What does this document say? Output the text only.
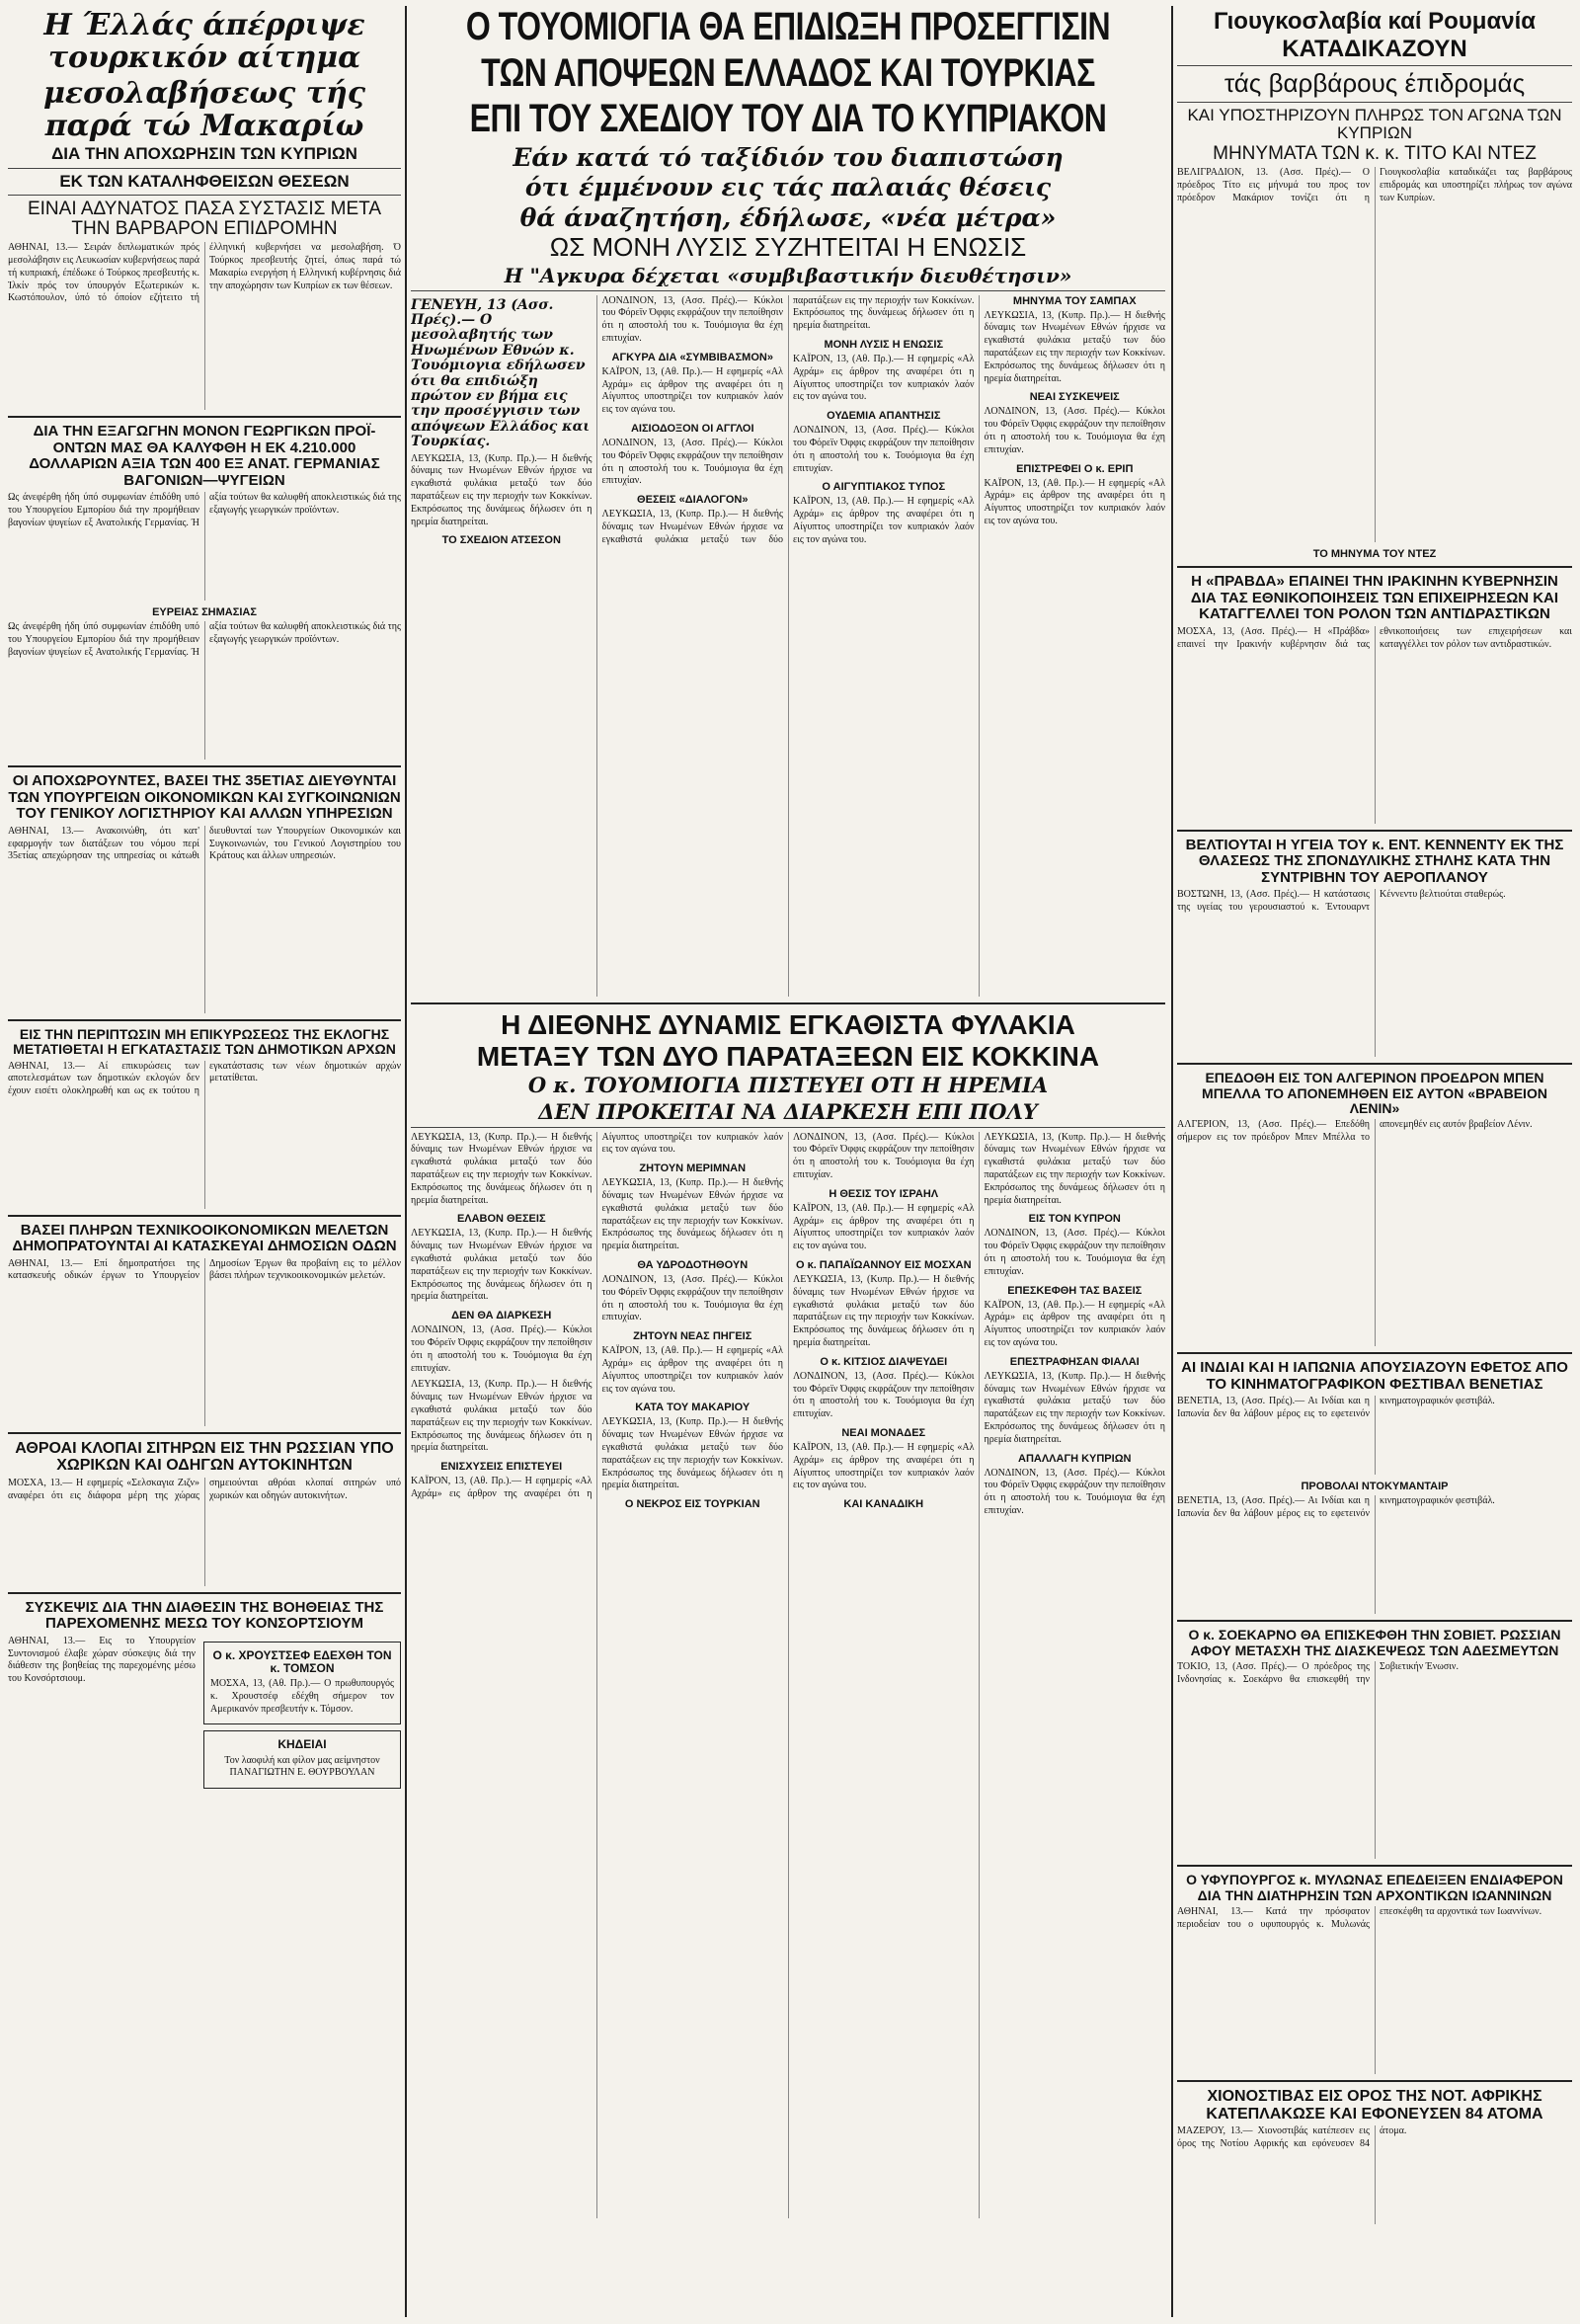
Η Έλλάς άπέρριψε τουρκικόν αίτημα
μεσολαβήσεως τής παρά τώ Μακαρίω
ΔΙΑ ΤΗΝ ΑΠΟΧΩΡΗΣΙΝ ΤΩΝ ΚΥΠΡΙΩΝ
ΕΚ ΤΩΝ ΚΑΤΑΛΗΦΘΕΙΣΩΝ ΘΕΣΕΩΝ
ΕΙΝΑΙ ΑΔΥΝΑΤΟΣ ΠΑΣΑ ΣΥΣΤΑΣΙΣ ΜΕΤΑ ΤΗΝ ΒΑΡΒΑΡΟΝ ΕΠΙΔΡΟΜΗΝ
ΑΘΗΝΑΙ, 13.— Σειράν διπλωματικών πρός μεσολάβησιν εις Λευκωσίαν κυβερνήσεως παρά τή κυπριακή, έπέδωκε ό Τούρκος πρεσβευτής κ. Ίλκίν πρός τον ύπουργόν Εξωτερικών κ. Κωστόπουλον, ύπό τό όποίον εζήτειτο τή έλληνική κυβερνήσει να μεσολαβήση. Ό Τούρκος πρεσβευτής ζητεί, όπως παρά τώ Μακαρίω ενεργήση ή Ελληνική κυβέρνησις διά την αποχώρησιν των Κυπρίων εκ των θέσεων.
ΔΙΑ ΤΗΝ ΕΞΑΓΩΓΗΝ ΜΟΝΟΝ ΓΕΩΡΓΙΚΩΝ ΠΡΟΪ-ΟΝΤΩΝ ΜΑΣ ΘΑ ΚΑΛΥΦΘΗ Η ΕΚ 4.210.000 ΔΟΛΛΑΡΙΩΝ ΑΞΙΑ ΤΩΝ 400 ΕΞ ΑΝΑΤ. ΓΕΡΜΑΝΙΑΣ ΒΑΓΟΝΙΩΝ—ΨΥΓΕΙΩΝ
Ως άνεφέρθη ήδη ύπό συμφωνίαν έπιδόθη υπό του Υπουργείου Εμπορίου διά την προμήθειαν βαγονίων ψυγείων εξ Ανατολικής Γερμανίας. Ή αξία τούτων θα καλυφθή αποκλειστικώς διά της εξαγωγής γεωργικών προϊόντων.
ΕΥΡΕΙΑΣ ΣΗΜΑΣΙΑΣ
Ως άνεφέρθη ήδη ύπό συμφωνίαν έπιδόθη υπό του Υπουργείου Εμπορίου διά την προμήθειαν βαγονίων ψυγείων εξ Ανατολικής Γερμανίας. Ή αξία τούτων θα καλυφθή αποκλειστικώς διά της εξαγωγής γεωργικών προϊόντων.
ΟΙ ΑΠΟΧΩΡΟΥΝΤΕΣ, ΒΑΣΕΙ ΤΗΣ 35ΕΤΙΑΣ ΔΙΕΥΘΥΝΤΑΙ ΤΩΝ ΥΠΟΥΡΓΕΙΩΝ ΟΙΚΟΝΟΜΙΚΩΝ ΚΑΙ ΣΥΓΚΟΙΝΩΝΙΩΝ ΤΟΥ ΓΕΝΙΚΟΥ ΛΟΓΙΣΤΗΡΙΟΥ ΚΑΙ ΑΛΛΩΝ ΥΠΗΡΕΣΙΩΝ
ΑΘΗΝΑΙ, 13.— Ανακοινώθη, ότι κατ' εφαρμογήν των διατάξεων του νόμου περί 35ετίας απεχώρησαν της υπηρεσίας οι κάτωθι διευθυνταί των Υπουργείων Οικονομικών και Συγκοινωνιών, του Γενικού Λογιστηρίου του Κράτους και άλλων υπηρεσιών.
ΕΙΣ ΤΗΝ ΠΕΡΙΠΤΩΣΙΝ ΜΗ ΕΠΙΚΥΡΩΣΕΩΣ ΤΗΣ ΕΚΛΟΓΗΣ ΜΕΤΑΤΙΘΕΤΑΙ Η ΕΓΚΑΤΑΣΤΑΣΙΣ ΤΩΝ ΔΗΜΟΤΙΚΩΝ ΑΡΧΩΝ
ΑΘΗΝΑΙ, 13.— Αί επικυρώσεις των αποτελεσμάτων των δημοτικών εκλογών δεν έχουν εισέτι ολοκληρωθή και ως εκ τούτου η εγκατάστασις των νέων δημοτικών αρχών μετατίθεται.
ΒΑΣΕΙ ΠΛΗΡΩΝ ΤΕΧΝΙΚΟΟΙΚΟΝΟΜΙΚΩΝ ΜΕΛΕΤΩΝ ΔΗΜΟΠΡΑΤΟΥΝΤΑΙ ΑΙ ΚΑΤΑΣΚΕΥΑΙ ΔΗΜΟΣΙΩΝ ΟΔΩΝ
ΑΘΗΝΑΙ, 13.— Επί δημοπρατήσει της κατασκευής οδικών έργων το Υπουργείον Δημοσίων Έργων θα προβαίνη εις το μέλλον βάσει πλήρων τεχνικοοικονομικών μελετών.
ΑΘΡΟΑΙ ΚΛΟΠΑΙ ΣΙΤΗΡΩΝ ΕΙΣ ΤΗΝ ΡΩΣΣΙΑΝ ΥΠΟ ΧΩΡΙΚΩΝ ΚΑΙ ΟΔΗΓΩΝ ΑΥΤΟΚΙΝΗΤΩΝ
ΜΟΣΧΑ, 13.— Η εφημερίς «Σελσκαγια Ζιζν» αναφέρει ότι εις διάφορα μέρη της χώρας σημειούνται αθρόαι κλοπαί σιτηρών υπό χωρικών και οδηγών αυτοκινήτων.
ΣΥΣΚΕΨΙΣ ΔΙΑ ΤΗΝ ΔΙΑΘΕΣΙΝ ΤΗΣ ΒΟΗΘΕΙΑΣ ΤΗΣ ΠΑΡΕΧΟΜΕΝΗΣ ΜΕΣΩ ΤΟΥ ΚΟΝΣΟΡΤΣΙΟΥΜ
ΑΘΗΝΑΙ, 13.— Εις το Υπουργείον Συντονισμού έλαβε χώραν σύσκεψις διά την διάθεσιν της βοηθείας της παρεχομένης μέσω του Κονσόρτσιουμ.
Ο κ. ΧΡΟΥΣΤΣΕΦ ΕΔΕΧΘΗ ΤΟΝ κ. ΤΟΜΣΟΝ
ΜΟΣΧΑ, 13, (Αθ. Πρ.).— Ο πρωθυπουργός κ. Χρουστσέφ εδέχθη σήμερον τον Αμερικανόν πρεσβευτήν κ. Τόμσον.
ΚΗΔΕΙΑΙ
Τον λαοφιλή και φίλον μας αείμνηστον ΠΑΝΑΓΙΩΤΗΝ Ε. ΘΟΥΡΒΟΥΛΑΝ
Ο ΤΟΥΟΜΙΟΓΙΑ ΘΑ ΕΠΙΔΙΩΞΗ ΠΡΟΣΕΓΓΙΣΙΝ
ΤΩΝ ΑΠΟΨΕΩΝ ΕΛΛΑΔΟΣ ΚΑΙ ΤΟΥΡΚΙΑΣ
ΕΠΙ ΤΟΥ ΣΧΕΔΙΟΥ ΤΟΥ ΔΙΑ ΤΟ ΚΥΠΡΙΑΚΟΝ
Εάν κατά τό ταξίδιόν του διαπιστώση
ότι έμμένουν εις τάς παλαιάς θέσεις
θά άναζητήση, έδήλωσε, «νέα μέτρα»
ΩΣ ΜΟΝΗ ΛΥΣΙΣ ΣΥΖΗΤΕΙΤΑΙ Η ΕΝΩΣΙΣ
Η "Αγκυρα δέχεται «συμβιβαστικήν διευθέτησιν»
ΓΕΝΕΥΗ, 13 (Ασσ. Πρές).— Ο μεσολαβητής των Ηνωμένων Εθνών κ. Τουόμιογια εδήλωσεν ότι θα επιδιώξη πρώτον εν βήμα εις την προσέγγισιν των απόψεων Ελλάδος και Τουρκίας.
ΛΕΥΚΩΣΙΑ, 13, (Κυπρ. Πρ.).— Η διεθνής δύναμις των Ηνωμένων Εθνών ήρχισε να εγκαθιστά φυλάκια μεταξύ των δύο παρατάξεων εις την περιοχήν των Κοκκίνων. Εκπρόσωπος της δυνάμεως δήλωσεν ότι η ηρεμία διατηρείται.
ΤΟ ΣΧΕΔΙΟΝ ΑΤΣΕΣΟΝ
ΛΟΝΔΙΝΟΝ, 13, (Ασσ. Πρές).— Κύκλοι του Φόρεϊν Όφφις εκφράζουν την πεποίθησιν ότι η αποστολή του κ. Τουόμιογια θα έχη επιτυχίαν.
ΑΓΚΥΡΑ ΔΙΑ «ΣΥΜΒΙΒΑΣΜΟΝ»
ΚΑΪΡΟΝ, 13, (Αθ. Πρ.).— Η εφημερίς «Αλ Αχράμ» εις άρθρον της αναφέρει ότι η Αίγυπτος υποστηρίζει τον κυπριακόν λαόν εις τον αγώνα του.
ΑΙΣΙΟΔΟΞΟΝ ΟΙ ΑΓΓΛΟΙ
ΛΟΝΔΙΝΟΝ, 13, (Ασσ. Πρές).— Κύκλοι του Φόρεϊν Όφφις εκφράζουν την πεποίθησιν ότι η αποστολή του κ. Τουόμιογια θα έχη επιτυχίαν.
ΘΕΣΕΙΣ «ΔΙΑΛΟΓΟΝ»
ΛΕΥΚΩΣΙΑ, 13, (Κυπρ. Πρ.).— Η διεθνής δύναμις των Ηνωμένων Εθνών ήρχισε να εγκαθιστά φυλάκια μεταξύ των δύο παρατάξεων εις την περιοχήν των Κοκκίνων. Εκπρόσωπος της δυνάμεως δήλωσεν ότι η ηρεμία διατηρείται.
ΜΟΝΗ ΛΥΣΙΣ Η ΕΝΩΣΙΣ
ΚΑΪΡΟΝ, 13, (Αθ. Πρ.).— Η εφημερίς «Αλ Αχράμ» εις άρθρον της αναφέρει ότι η Αίγυπτος υποστηρίζει τον κυπριακόν λαόν εις τον αγώνα του.
ΟΥΔΕΜΙΑ ΑΠΑΝΤΗΣΙΣ
ΛΟΝΔΙΝΟΝ, 13, (Ασσ. Πρές).— Κύκλοι του Φόρεϊν Όφφις εκφράζουν την πεποίθησιν ότι η αποστολή του κ. Τουόμιογια θα έχη επιτυχίαν.
Ο ΑΙΓΥΠΤΙΑΚΟΣ ΤΥΠΟΣ
ΚΑΪΡΟΝ, 13, (Αθ. Πρ.).— Η εφημερίς «Αλ Αχράμ» εις άρθρον της αναφέρει ότι η Αίγυπτος υποστηρίζει τον κυπριακόν λαόν εις τον αγώνα του.
ΜΗΝΥΜΑ ΤΟΥ ΣΑΜΠΑΧ
ΛΕΥΚΩΣΙΑ, 13, (Κυπρ. Πρ.).— Η διεθνής δύναμις των Ηνωμένων Εθνών ήρχισε να εγκαθιστά φυλάκια μεταξύ των δύο παρατάξεων εις την περιοχήν των Κοκκίνων. Εκπρόσωπος της δυνάμεως δήλωσεν ότι η ηρεμία διατηρείται.
ΝΕΑΙ ΣΥΣΚΕΨΕΙΣ
ΛΟΝΔΙΝΟΝ, 13, (Ασσ. Πρές).— Κύκλοι του Φόρεϊν Όφφις εκφράζουν την πεποίθησιν ότι η αποστολή του κ. Τουόμιογια θα έχη επιτυχίαν.
ΕΠΙΣΤΡΕΦΕΙ Ο κ. ΕΡΙΠ
ΚΑΪΡΟΝ, 13, (Αθ. Πρ.).— Η εφημερίς «Αλ Αχράμ» εις άρθρον της αναφέρει ότι η Αίγυπτος υποστηρίζει τον κυπριακόν λαόν εις τον αγώνα του.
Η ΔΙΕΘΝΗΣ ΔΥΝΑΜΙΣ ΕΓΚΑΘΙΣΤΑ ΦΥΛΑΚΙΑ
ΜΕΤΑΞΥ ΤΩΝ ΔΥΟ ΠΑΡΑΤΑΞΕΩΝ ΕΙΣ ΚΟΚΚΙΝΑ
Ο κ. ΤΟΥΟΜΙΟΓΙΑ ΠΙΣΤΕΥΕΙ ΟΤΙ Η ΗΡΕΜΙΑ
ΔΕΝ ΠΡΟΚΕΙΤΑΙ ΝΑ ΔΙΑΡΚΕΣΗ ΕΠΙ ΠΟΛΥ
ΛΕΥΚΩΣΙΑ, 13, (Κυπρ. Πρ.).— Η διεθνής δύναμις των Ηνωμένων Εθνών ήρχισε να εγκαθιστά φυλάκια μεταξύ των δύο παρατάξεων εις την περιοχήν των Κοκκίνων. Εκπρόσωπος της δυνάμεως δήλωσεν ότι η ηρεμία διατηρείται.
ΕΛΑΒΟΝ ΘΕΣΕΙΣ
ΛΕΥΚΩΣΙΑ, 13, (Κυπρ. Πρ.).— Η διεθνής δύναμις των Ηνωμένων Εθνών ήρχισε να εγκαθιστά φυλάκια μεταξύ των δύο παρατάξεων εις την περιοχήν των Κοκκίνων. Εκπρόσωπος της δυνάμεως δήλωσεν ότι η ηρεμία διατηρείται.
ΔΕΝ ΘΑ ΔΙΑΡΚΕΣΗ
ΛΟΝΔΙΝΟΝ, 13, (Ασσ. Πρές).— Κύκλοι του Φόρεϊν Όφφις εκφράζουν την πεποίθησιν ότι η αποστολή του κ. Τουόμιογια θα έχη επιτυχίαν.
ΛΕΥΚΩΣΙΑ, 13, (Κυπρ. Πρ.).— Η διεθνής δύναμις των Ηνωμένων Εθνών ήρχισε να εγκαθιστά φυλάκια μεταξύ των δύο παρατάξεων εις την περιοχήν των Κοκκίνων. Εκπρόσωπος της δυνάμεως δήλωσεν ότι η ηρεμία διατηρείται.
ΕΝΙΣΧΥΣΕΙΣ ΕΠΙΣΤΕΥΕΙ
ΚΑΪΡΟΝ, 13, (Αθ. Πρ.).— Η εφημερίς «Αλ Αχράμ» εις άρθρον της αναφέρει ότι η Αίγυπτος υποστηρίζει τον κυπριακόν λαόν εις τον αγώνα του.
ΖΗΤΟΥΝ ΜΕΡΙΜΝΑΝ
ΛΕΥΚΩΣΙΑ, 13, (Κυπρ. Πρ.).— Η διεθνής δύναμις των Ηνωμένων Εθνών ήρχισε να εγκαθιστά φυλάκια μεταξύ των δύο παρατάξεων εις την περιοχήν των Κοκκίνων. Εκπρόσωπος της δυνάμεως δήλωσεν ότι η ηρεμία διατηρείται.
ΘΑ ΥΔΡΟΔΟΤΗΘΟΥΝ
ΛΟΝΔΙΝΟΝ, 13, (Ασσ. Πρές).— Κύκλοι του Φόρεϊν Όφφις εκφράζουν την πεποίθησιν ότι η αποστολή του κ. Τουόμιογια θα έχη επιτυχίαν.
ΖΗΤΟΥΝ ΝΕΑΣ ΠΗΓΕΙΣ
ΚΑΪΡΟΝ, 13, (Αθ. Πρ.).— Η εφημερίς «Αλ Αχράμ» εις άρθρον της αναφέρει ότι η Αίγυπτος υποστηρίζει τον κυπριακόν λαόν εις τον αγώνα του.
ΚΑΤΑ ΤΟΥ ΜΑΚΑΡΙΟΥ
ΛΕΥΚΩΣΙΑ, 13, (Κυπρ. Πρ.).— Η διεθνής δύναμις των Ηνωμένων Εθνών ήρχισε να εγκαθιστά φυλάκια μεταξύ των δύο παρατάξεων εις την περιοχήν των Κοκκίνων. Εκπρόσωπος της δυνάμεως δήλωσεν ότι η ηρεμία διατηρείται.
Ο ΝΕΚΡΟΣ ΕΙΣ ΤΟΥΡΚΙΑΝ
ΛΟΝΔΙΝΟΝ, 13, (Ασσ. Πρές).— Κύκλοι του Φόρεϊν Όφφις εκφράζουν την πεποίθησιν ότι η αποστολή του κ. Τουόμιογια θα έχη επιτυχίαν.
Η ΘΕΣΙΣ ΤΟΥ ΙΣΡΑΗΛ
ΚΑΪΡΟΝ, 13, (Αθ. Πρ.).— Η εφημερίς «Αλ Αχράμ» εις άρθρον της αναφέρει ότι η Αίγυπτος υποστηρίζει τον κυπριακόν λαόν εις τον αγώνα του.
Ο κ. ΠΑΠΑΪΩΑΝΝΟΥ ΕΙΣ ΜΟΣΧΑΝ
ΛΕΥΚΩΣΙΑ, 13, (Κυπρ. Πρ.).— Η διεθνής δύναμις των Ηνωμένων Εθνών ήρχισε να εγκαθιστά φυλάκια μεταξύ των δύο παρατάξεων εις την περιοχήν των Κοκκίνων. Εκπρόσωπος της δυνάμεως δήλωσεν ότι η ηρεμία διατηρείται.
Ο κ. ΚΙΤΣΙΟΣ ΔΙΑΨΕΥΔΕΙ
ΛΟΝΔΙΝΟΝ, 13, (Ασσ. Πρές).— Κύκλοι του Φόρεϊν Όφφις εκφράζουν την πεποίθησιν ότι η αποστολή του κ. Τουόμιογια θα έχη επιτυχίαν.
ΝΕΑΙ ΜΟΝΑΔΕΣ
ΚΑΪΡΟΝ, 13, (Αθ. Πρ.).— Η εφημερίς «Αλ Αχράμ» εις άρθρον της αναφέρει ότι η Αίγυπτος υποστηρίζει τον κυπριακόν λαόν εις τον αγώνα του.
ΚΑΙ ΚΑΝΑΔΙΚΗ
ΛΕΥΚΩΣΙΑ, 13, (Κυπρ. Πρ.).— Η διεθνής δύναμις των Ηνωμένων Εθνών ήρχισε να εγκαθιστά φυλάκια μεταξύ των δύο παρατάξεων εις την περιοχήν των Κοκκίνων. Εκπρόσωπος της δυνάμεως δήλωσεν ότι η ηρεμία διατηρείται.
ΕΙΣ ΤΟΝ ΚΥΠΡΟΝ
ΛΟΝΔΙΝΟΝ, 13, (Ασσ. Πρές).— Κύκλοι του Φόρεϊν Όφφις εκφράζουν την πεποίθησιν ότι η αποστολή του κ. Τουόμιογια θα έχη επιτυχίαν.
ΕΠΕΣΚΕΦΘΗ ΤΑΣ ΒΑΣΕΙΣ
ΚΑΪΡΟΝ, 13, (Αθ. Πρ.).— Η εφημερίς «Αλ Αχράμ» εις άρθρον της αναφέρει ότι η Αίγυπτος υποστηρίζει τον κυπριακόν λαόν εις τον αγώνα του.
ΕΠΕΣΤΡΑΦΗΣΑΝ ΦΙΑΛΑΙ
ΛΕΥΚΩΣΙΑ, 13, (Κυπρ. Πρ.).— Η διεθνής δύναμις των Ηνωμένων Εθνών ήρχισε να εγκαθιστά φυλάκια μεταξύ των δύο παρατάξεων εις την περιοχήν των Κοκκίνων. Εκπρόσωπος της δυνάμεως δήλωσεν ότι η ηρεμία διατηρείται.
ΑΠΑΛΛΑΓΗ ΚΥΠΡΙΩΝ
ΛΟΝΔΙΝΟΝ, 13, (Ασσ. Πρές).— Κύκλοι του Φόρεϊν Όφφις εκφράζουν την πεποίθησιν ότι η αποστολή του κ. Τουόμιογια θα έχη επιτυχίαν.
Γιουγκοσλαβία καί Ρουμανία
ΚΑΤΑΔΙΚΑΖΟΥΝ
τάς βαρβάρους έπιδρομάς
ΚΑΙ ΥΠΟΣΤΗΡΙΖΟΥΝ ΠΛΗΡΩΣ ΤΟΝ ΑΓΩΝΑ ΤΩΝ ΚΥΠΡΙΩΝ
ΜΗΝΥΜΑΤΑ ΤΩΝ κ. κ. ΤΙΤΟ ΚΑΙ ΝΤΕΖ
ΒΕΛΙΓΡΑΔΙΟΝ, 13. (Ασσ. Πρές).— Ο πρόεδρος Τίτο εις μήνυμά του προς τον πρόεδρον Μακάριον τονίζει ότι η Γιουγκοσλαβία καταδικάζει τας βαρβάρους επιδρομάς και υποστηρίζει πλήρως τον αγώνα των Κυπρίων.
ΤΟ ΜΗΝΥΜΑ ΤΟΥ ΝΤΕΖ
Η «ΠΡΑΒΔΑ» ΕΠΑΙΝΕΙ ΤΗΝ ΙΡΑΚΙΝΗΝ ΚΥΒΕΡΝΗΣΙΝ ΔΙΑ ΤΑΣ ΕΘΝΙΚΟΠΟΙΗΣΕΙΣ ΤΩΝ ΕΠΙΧΕΙΡΗΣΕΩΝ ΚΑΙ ΚΑΤΑΓΓΕΛΛΕΙ ΤΟΝ ΡΟΛΟΝ ΤΩΝ ΑΝΤΙΔΡΑΣΤΙΚΩΝ
ΜΟΣΧΑ, 13, (Ασσ. Πρές).— Η «Πράβδα» επαινεί την Ιρακινήν κυβέρνησιν διά τας εθνικοποιήσεις των επιχειρήσεων και καταγγέλλει τον ρόλον των αντιδραστικών.
ΒΕΛΤΙΟΥΤΑΙ Η ΥΓΕΙΑ ΤΟΥ κ. ΕΝΤ. ΚΕΝΝΕΝΤΥ ΕΚ ΤΗΣ ΘΛΑΣΕΩΣ ΤΗΣ ΣΠΟΝΔΥΛΙΚΗΣ ΣΤΗΛΗΣ ΚΑΤΑ ΤΗΝ ΣΥΝΤΡΙΒΗΝ ΤΟΥ ΑΕΡΟΠΛΑΝΟΥ
ΒΟΣΤΩΝΗ, 13, (Ασσ. Πρές).— Η κατάστασις της υγείας του γερουσιαστού κ. Έντουαρντ Κέννεντυ βελτιούται σταθερώς.
ΕΠΕΔΟΘΗ ΕΙΣ ΤΟΝ ΑΛΓΕΡΙΝΟΝ ΠΡΟΕΔΡΟΝ ΜΠΕΝ ΜΠΕΛΛΑ ΤΟ ΑΠΟΝΕΜΗΘΕΝ ΕΙΣ ΑΥΤΟΝ «ΒΡΑΒΕΙΟΝ ΛΕΝΙΝ»
ΑΛΓΕΡΙΟΝ, 13, (Ασσ. Πρές).— Επεδόθη σήμερον εις τον πρόεδρον Μπεν Μπέλλα το απονεμηθέν εις αυτόν βραβείον Λένιν.
ΑΙ ΙΝΔΙΑΙ ΚΑΙ Η ΙΑΠΩΝΙΑ ΑΠΟΥΣΙΑΖΟΥΝ ΕΦΕΤΟΣ ΑΠΟ ΤΟ ΚΙΝΗΜΑΤΟΓΡΑΦΙΚΟΝ ΦΕΣΤΙΒΑΛ ΒΕΝΕΤΙΑΣ
ΒΕΝΕΤΙΑ, 13, (Ασσ. Πρές).— Αι Ινδίαι και η Ιαπωνία δεν θα λάβουν μέρος εις το εφετεινόν κινηματογραφικόν φεστιβάλ.
ΠΡΟΒΟΛΑΙ ΝΤΟΚΥΜΑΝΤΑΙΡ
ΒΕΝΕΤΙΑ, 13, (Ασσ. Πρές).— Αι Ινδίαι και η Ιαπωνία δεν θα λάβουν μέρος εις το εφετεινόν κινηματογραφικόν φεστιβάλ.
Ο κ. ΣΟΕΚΑΡΝΟ ΘΑ ΕΠΙΣΚΕΦΘΗ ΤΗΝ ΣΟΒΙΕΤ. ΡΩΣΣΙΑΝ ΑΦΟΥ ΜΕΤΑΣΧΗ ΤΗΣ ΔΙΑΣΚΕΨΕΩΣ ΤΩΝ ΑΔΕΣΜΕΥΤΩΝ
ΤΟΚΙΟ, 13, (Ασσ. Πρές).— Ο πρόεδρος της Ινδονησίας κ. Σοεκάρνο θα επισκεφθή την Σοβιετικήν Ένωσιν.
Ο ΥΦΥΠΟΥΡΓΟΣ κ. ΜΥΛΩΝΑΣ ΕΠΕΔΕΙΞΕΝ ΕΝΔΙΑΦΕΡΟΝ ΔΙΑ ΤΗΝ ΔΙΑΤΗΡΗΣΙΝ ΤΩΝ ΑΡΧΟΝΤΙΚΩΝ ΙΩΑΝΝΙΝΩΝ
ΑΘΗΝΑΙ, 13.— Κατά την πρόσφατον περιοδείαν του ο υφυπουργός κ. Μυλωνάς επεσκέφθη τα αρχοντικά των Ιωαννίνων.
ΧΙΟΝΟΣΤΙΒΑΣ ΕΙΣ ΟΡΟΣ ΤΗΣ ΝΟΤ. ΑΦΡΙΚΗΣ ΚΑΤΕΠΛΑΚΩΣΕ ΚΑΙ ΕΦΟΝΕΥΣΕΝ 84 ΑΤΟΜΑ
ΜΑΖΕΡΟΥ, 13.— Χιονοστιβάς κατέπεσεν εις όρος της Νοτίου Αφρικής και εφόνευσεν 84 άτομα.
